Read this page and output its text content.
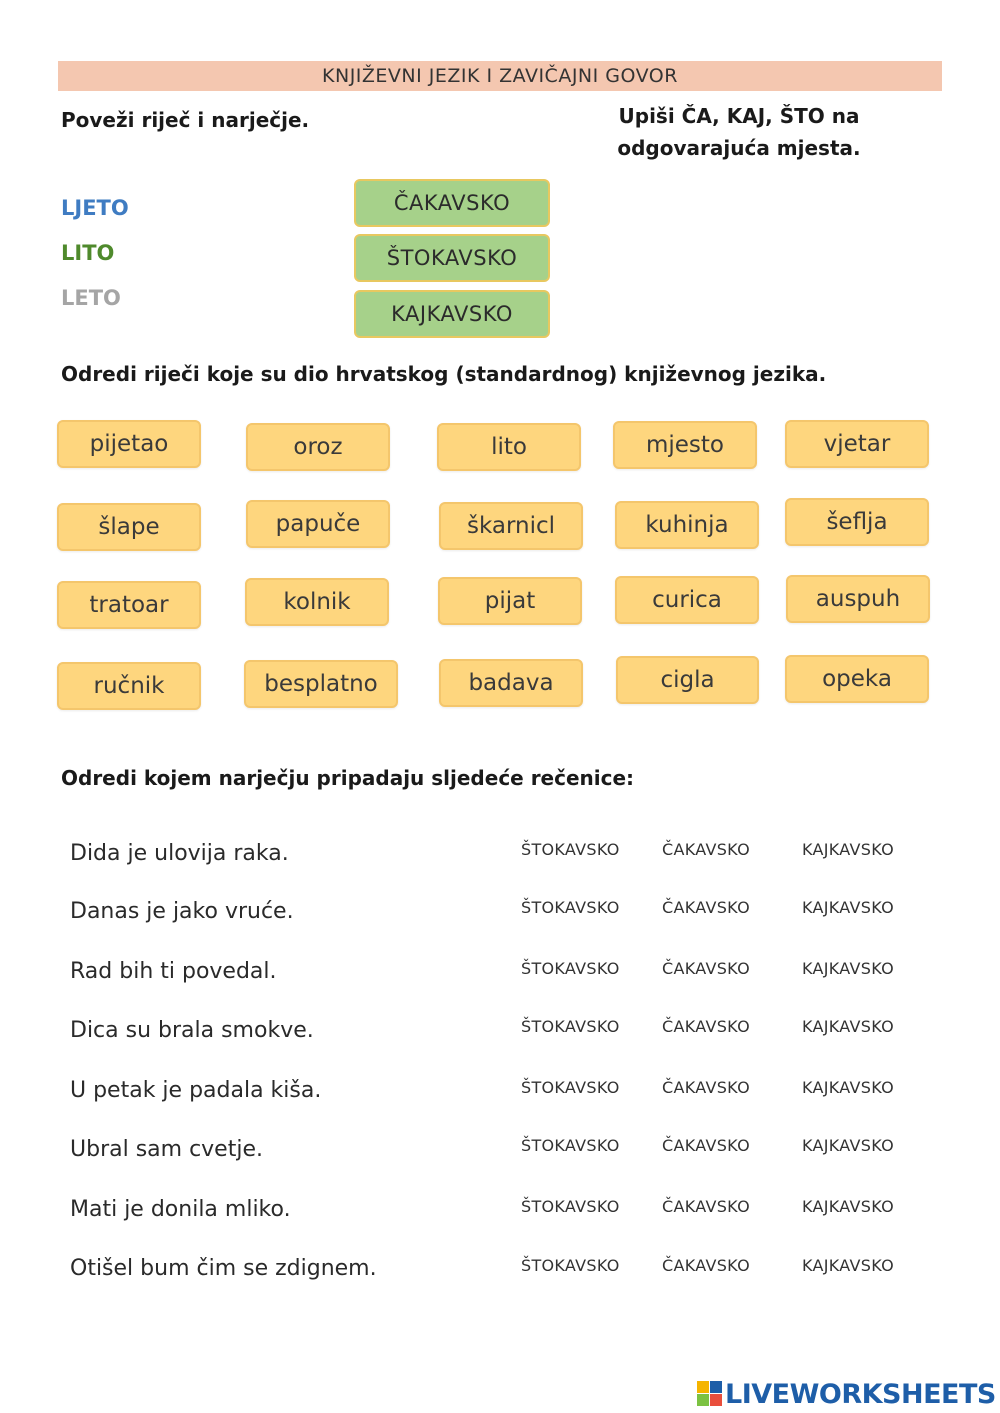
KNJIŽEVNI JEZIK I ZAVIČAJNI GOVOR
Poveži riječ i narječje.	Upiši ČA, KAJ, ŠTO na
odgovarajuća mjesta.
LJETO
LITO
LETO
ČAKAVSKO
ŠTOKAVSKO
KAJKAVSKO
Odredi riječi koje su dio hrvatskog (standardnog) književnog jezika.
pijetao	oroz	lito	mjesto	vjetar
šlape	papuče	škarnicl	kuhinja	šeflja
tratoar	kolnik	pijat	curica	auspuh
ručnik	besplatno	badava	cigla	opeka
Odredi kojem narječju pripadaju sljedeće rečenice:
Dida je ulovija raka.	ŠTOKAVSKO	ČAKAVSKO	KAJKAVSKO
Danas je jako vruće.	ŠTOKAVSKO	ČAKAVSKO	KAJKAVSKO
Rad bih ti povedal.	ŠTOKAVSKO	ČAKAVSKO	KAJKAVSKO
Dica su brala smokve.	ŠTOKAVSKO	ČAKAVSKO	KAJKAVSKO
U petak je padala kiša.	ŠTOKAVSKO	ČAKAVSKO	KAJKAVSKO
Ubral sam cvetje.	ŠTOKAVSKO	ČAKAVSKO	KAJKAVSKO
Mati je donila mliko.	ŠTOKAVSKO	ČAKAVSKO	KAJKAVSKO
Otišel bum čim se zdignem.	ŠTOKAVSKO	ČAKAVSKO	KAJKAVSKO
LIVEWORKSHEETS
